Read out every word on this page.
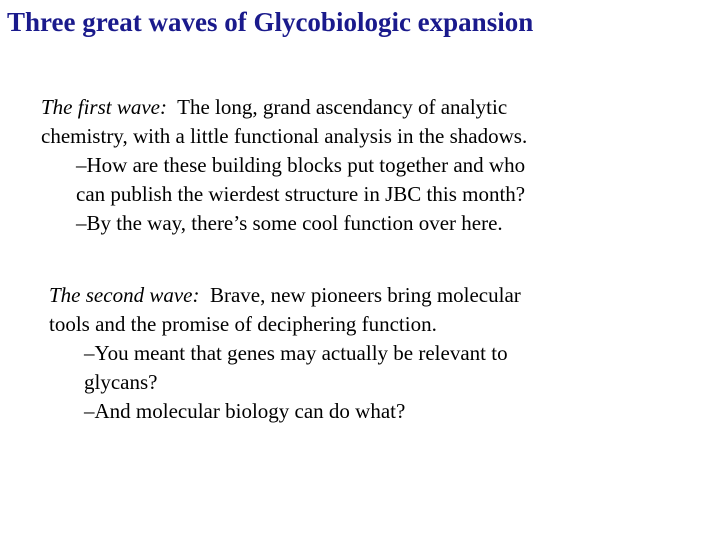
Three great waves of Glycobiologic expansion

The first wave: The long, grand ascendancy of analytic
chemistry, with a little functional analysis in the shadows.

–How are these building blocks put together and who
can publish the wierdest structure in JBC this month?

–By the way, there’s some cool function over here.

The second wave: Brave, new pioneers bring molecular
tools and the promise of deciphering function.

–You meant that genes may actually be relevant to
glycans?

–And molecular biology can do what?
